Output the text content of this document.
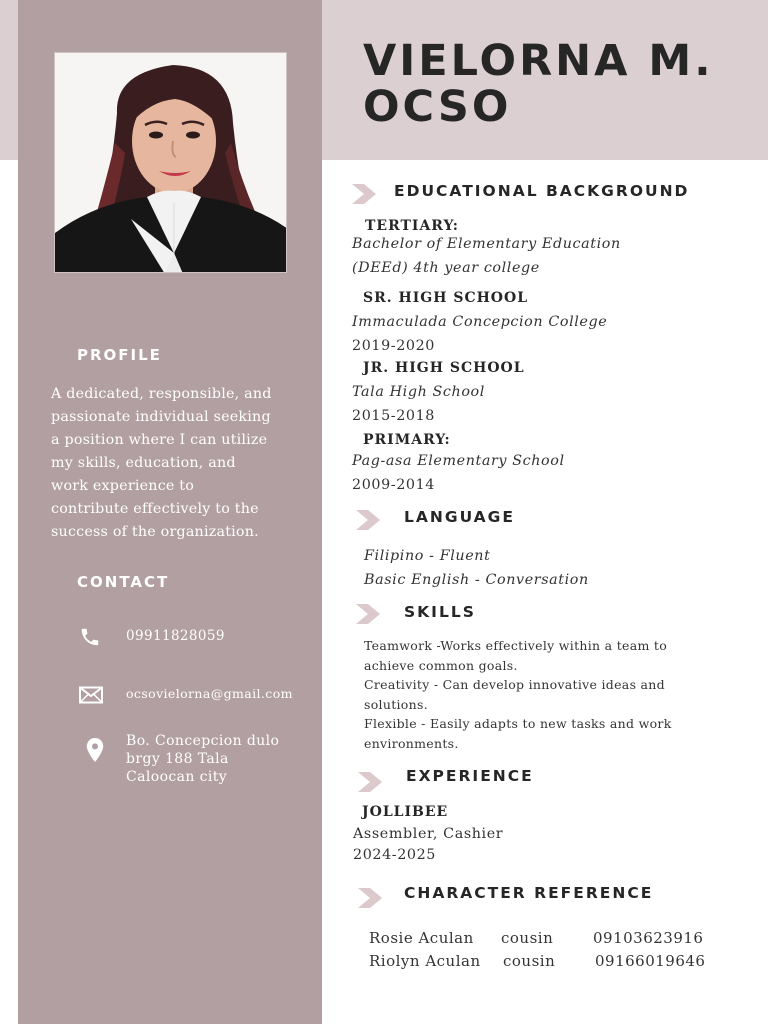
VIELORNA M.
OCSO
PROFILE
A dedicated, responsible, and
passionate individual seeking
a position where I can utilize
my skills, education, and
work experience to
contribute effectively to the
success of the organization.
CONTACT
09911828059
ocsovielorna@gmail.com
Bo. Concepcion dulo
brgy 188 Tala
Caloocan city
EDUCATIONAL BACKGROUND
TERTIARY:
Bachelor of Elementary Education
(DEEd) 4th year college
SR. HIGH SCHOOL
Immaculada Concepcion College
2019-2020
JR. HIGH SCHOOL
Tala High School
2015-2018
PRIMARY:
Pag-asa Elementary School
2009-2014
LANGUAGE
Filipino - Fluent
Basic English - Conversation
SKILLS
Teamwork -Works effectively within a team to
achieve common goals.
Creativity - Can develop innovative ideas and
solutions.
Flexible - Easily adapts to new tasks and work
environments.
EXPERIENCE
JOLLIBEE
Assembler, Cashier
2024-2025
CHARACTER REFERENCE
Rosie Aculan cousin	09103623916
Riolyn Aculan cousin	09166019646
